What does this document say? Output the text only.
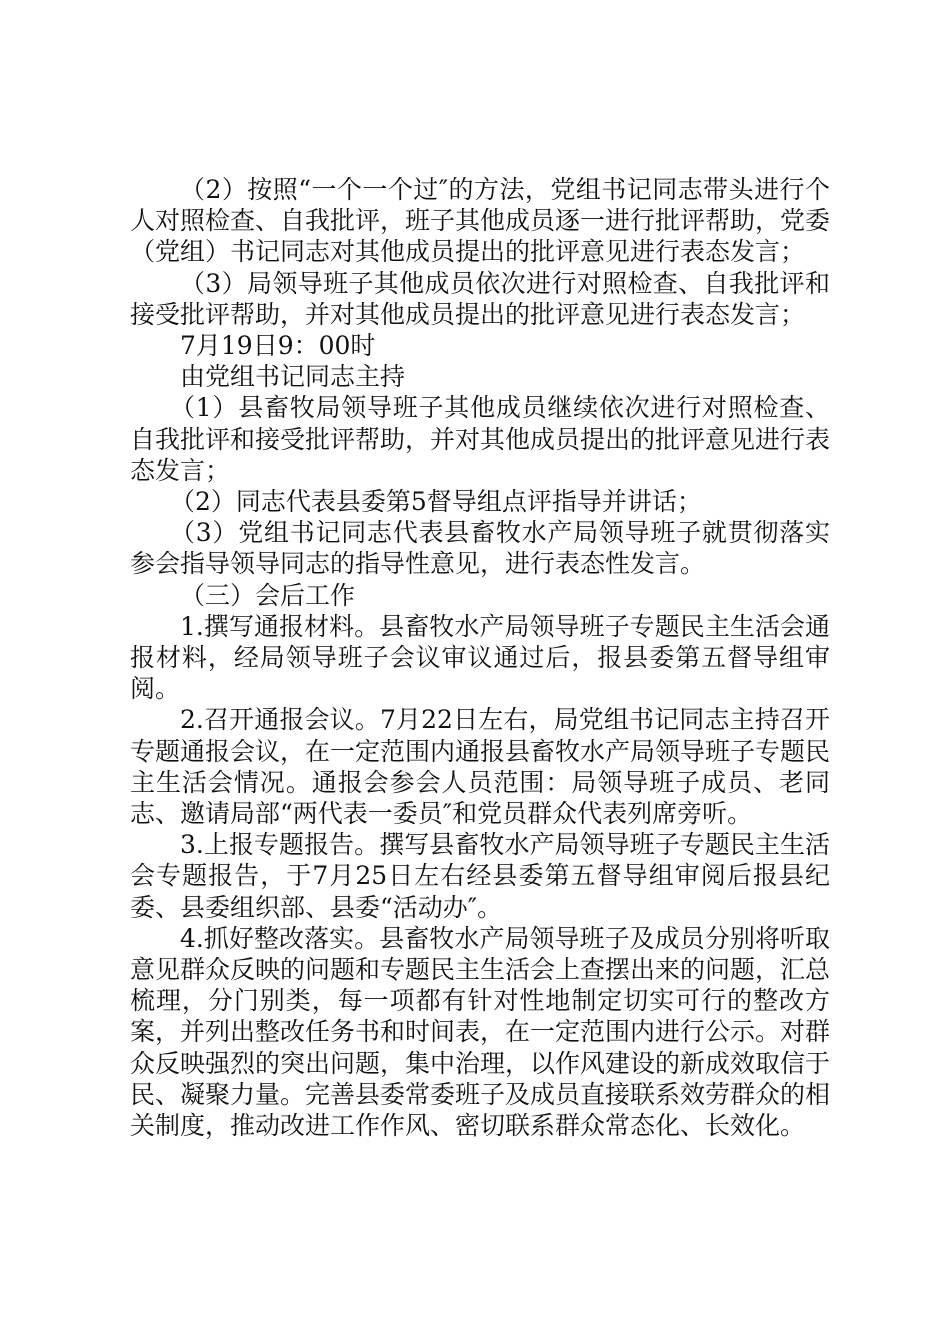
（2）按照“一个一个过″的方法，党组书记同志带头进行个人对照检查、自我批评，班子其他成员逐一进行批评帮助，党委（党组）书记同志对其他成员提出的批评意见进行表态发言；

（3）局领导班子其他成员依次进行对照检查、自我批评和接受批评帮助，并对其他成员提出的批评意见进行表态发言；

7月19日9：00时

由党组书记同志主持

（1）县畜牧局领导班子其他成员继续依次进行对照检查、自我批评和接受批评帮助，并对其他成员提出的批评意见进行表态发言；

（2）同志代表县委第5督导组点评指导并讲话；

（3）党组书记同志代表县畜牧水产局领导班子就贯彻落实参会指导领导同志的指导性意见，进行表态性发言。

（三）会后工作

1.撰写通报材料。县畜牧水产局领导班子专题民主生活会通报材料，经局领导班子会议审议通过后，报县委第五督导组审阅。

2.召开通报会议。7月22日左右，局党组书记同志主持召开专题通报会议，在一定范围内通报县畜牧水产局领导班子专题民主生活会情况。通报会参会人员范围：局领导班子成员、老同志、邀请局部“两代表一委员″和党员群众代表列席旁听。

3.上报专题报告。撰写县畜牧水产局领导班子专题民主生活会专题报告，于7月25日左右经县委第五督导组审阅后报县纪委、县委组织部、县委“活动办″。

4.抓好整改落实。县畜牧水产局领导班子及成员分别将听取意见群众反映的问题和专题民主生活会上查摆出来的问题，汇总梳理，分门别类，每一项都有针对性地制定切实可行的整改方案，并列出整改任务书和时间表，在一定范围内进行公示。对群众反映强烈的突出问题，集中治理，以作风建设的新成效取信于民、凝聚力量。完善县委常委班子及成员直接联系效劳群众的相关制度，推动改进工作作风、密切联系群众常态化、长效化。
